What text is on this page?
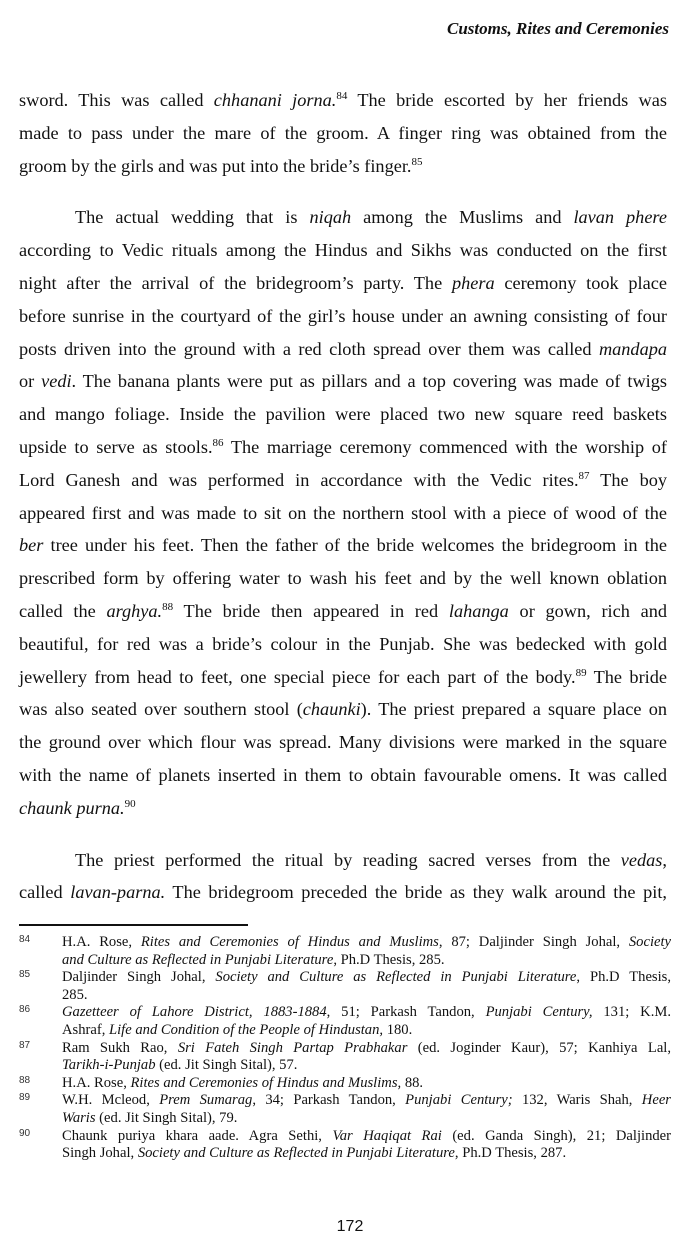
Customs, Rites and Ceremonies
sword. This was called chhanani jorna.$^{84}$ The bride escorted by her friends was
made to pass under the mare of the groom. A finger ring was obtained from the
groom by the girls and was put into the bride’s finger.$^{85}$
The actual wedding that is niqah among the Muslims and lavan phere
according to Vedic rituals among the Hindus and Sikhs was conducted on the first
night after the arrival of the bridegroom’s party. The phera ceremony took place
before sunrise in the courtyard of the girl’s house under an awning consisting of four
posts driven into the ground with a red cloth spread over them was called mandapa
or vedi. The banana plants were put as pillars and a top covering was made of twigs
and mango foliage. Inside the pavilion were placed two new square reed baskets
upside to serve as stools.$^{86}$ The marriage ceremony commenced with the worship of
Lord Ganesh and was performed in accordance with the Vedic rites.$^{87}$ The boy
appeared first and was made to sit on the northern stool with a piece of wood of the
ber tree under his feet. Then the father of the bride welcomes the bridegroom in the
prescribed form by offering water to wash his feet and by the well known oblation
called the arghya.$^{88}$ The bride then appeared in red lahanga or gown, rich and
beautiful, for red was a bride’s colour in the Punjab. She was bedecked with gold
jewellery from head to feet, one special piece for each part of the body.$^{89}$ The bride
was also seated over southern stool (chaunki). The priest prepared a square place on
the ground over which flour was spread. Many divisions were marked in the square
with the name of planets inserted in them to obtain favourable omens. It was called
chaunk purna.$^{90}$
The priest performed the ritual by reading sacred verses from the vedas,
called lavan-parna. The bridegroom preceded the bride as they walk around the pit,
84 H.A. Rose, Rites and Ceremonies of Hindus and Muslims, 87; Daljinder Singh Johal, Society
and Culture as Reflected in Punjabi Literature, Ph.D Thesis, 285.
85 Daljinder Singh Johal, Society and Culture as Reflected in Punjabi Literature, Ph.D Thesis,
285.
86 Gazetteer of Lahore District, 1883-1884, 51; Parkash Tandon, Punjabi Century, 131; K.M.
Ashraf, Life and Condition of the People of Hindustan, 180.
87 Ram Sukh Rao, Sri Fateh Singh Partap Prabhakar (ed. Joginder Kaur), 57; Kanhiya Lal,
Tarikh-i-Punjab (ed. Jit Singh Sital), 57.
88 H.A. Rose, Rites and Ceremonies of Hindus and Muslims, 88.
89 W.H. Mcleod, Prem Sumarag, 34; Parkash Tandon, Punjabi Century; 132, Waris Shah, Heer
Waris (ed. Jit Singh Sital), 79.
90 Chaunk puriya khara aade. Agra Sethi, Var Haqiqat Rai (ed. Ganda Singh), 21; Daljinder
Singh Johal, Society and Culture as Reflected in Punjabi Literature, Ph.D Thesis, 287.
172
